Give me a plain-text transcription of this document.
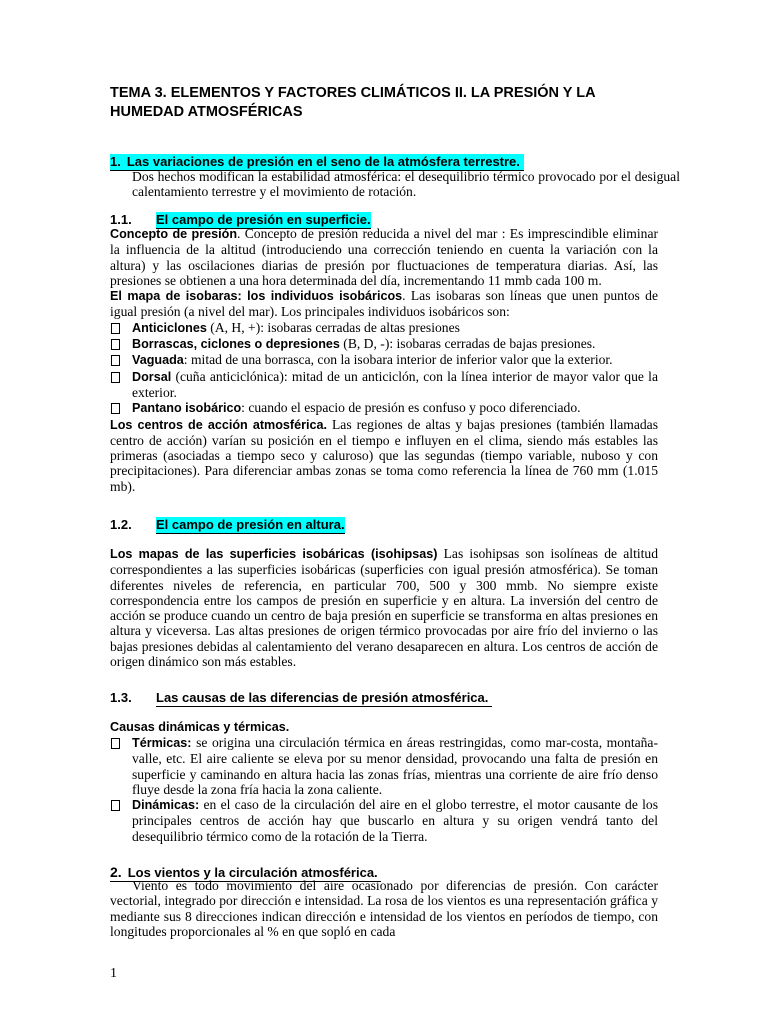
TEMA 3. ELEMENTOS Y FACTORES CLIMÁTICOS II. LA PRESIÓN Y LA HUMEDAD ATMOSFÉRICAS
1. Las variaciones de presión en el seno de la atmósfera terrestre.
Dos hechos modifican la estabilidad atmosférica: el desequilibrio térmico provocado por el desigual calentamiento terrestre y el movimiento de rotación.
1.1. El campo de presión en superficie.
Concepto de presión. Concepto de presión reducida a nivel del mar : Es imprescindible eliminar la influencia de la altitud (introduciendo una corrección teniendo en cuenta la variación con la altura) y las oscilaciones diarias de presión por fluctuaciones de temperatura diarias. Así, las presiones se obtienen a una hora determinada del día, incrementando 11 mmb cada 100 m.
El mapa de isobaras: los individuos isobáricos. Las isobaras son líneas que unen puntos de igual presión (a nivel del mar). Los principales individuos isobáricos son:
Anticiclones (A, H, +): isobaras cerradas de altas presiones
Borrascas, ciclones o depresiones (B, D, -): isobaras cerradas de bajas presiones.
Vaguada: mitad de una borrasca, con la isobara interior de inferior valor que la exterior.
Dorsal (cuña anticiclónica): mitad de un anticiclón, con la línea interior de mayor valor que la exterior.
Pantano isobárico: cuando el espacio de presión es confuso y poco diferenciado.
Los centros de acción atmosférica. Las regiones de altas y bajas presiones (también llamadas centro de acción) varían su posición en el tiempo e influyen en el clima, siendo más estables las primeras (asociadas a tiempo seco y caluroso) que las segundas (tiempo variable, nuboso y con precipitaciones). Para diferenciar ambas zonas se toma como referencia la línea de 760 mm (1.015 mb).
1.2. El campo de presión en altura.
Los mapas de las superficies isobáricas (isohipsas) Las isohipsas son isolíneas de altitud correspondientes a las superficies isobáricas (superficies con igual presión atmosférica). Se toman diferentes niveles de referencia, en particular 700, 500 y 300 mmb. No siempre existe correspondencia entre los campos de presión en superficie y en altura. La inversión del centro de acción se produce cuando un centro de baja presión en superficie se transforma en altas presiones en altura y viceversa. Las altas presiones de origen térmico provocadas por aire frío del invierno o las bajas presiones debidas al calentamiento del verano desaparecen en altura. Los centros de acción de origen dinámico son más estables.
1.3. Las causas de las diferencias de presión atmosférica.
Causas dinámicas y térmicas.
Térmicas: se origina una circulación térmica en áreas restringidas, como mar-costa, montaña-valle, etc. El aire caliente se eleva por su menor densidad, provocando una falta de presión en superficie y caminando en altura hacia las zonas frías, mientras una corriente de aire frío denso fluye desde la zona fría hacia la zona caliente.
Dinámicas: en el caso de la circulación del aire en el globo terrestre, el motor causante de los principales centros de acción hay que buscarlo en altura y su origen vendrá tanto del desequilibrio térmico como de la rotación de la Tierra.
2. Los vientos y la circulación atmosférica.
Viento es todo movimiento del aire ocasionado por diferencias de presión. Con carácter vectorial, integrado por dirección e intensidad. La rosa de los vientos es una representación gráfica y mediante sus 8 direcciones indican dirección e intensidad de los vientos en períodos de tiempo, con longitudes proporcionales al % en que sopló en cada
1
